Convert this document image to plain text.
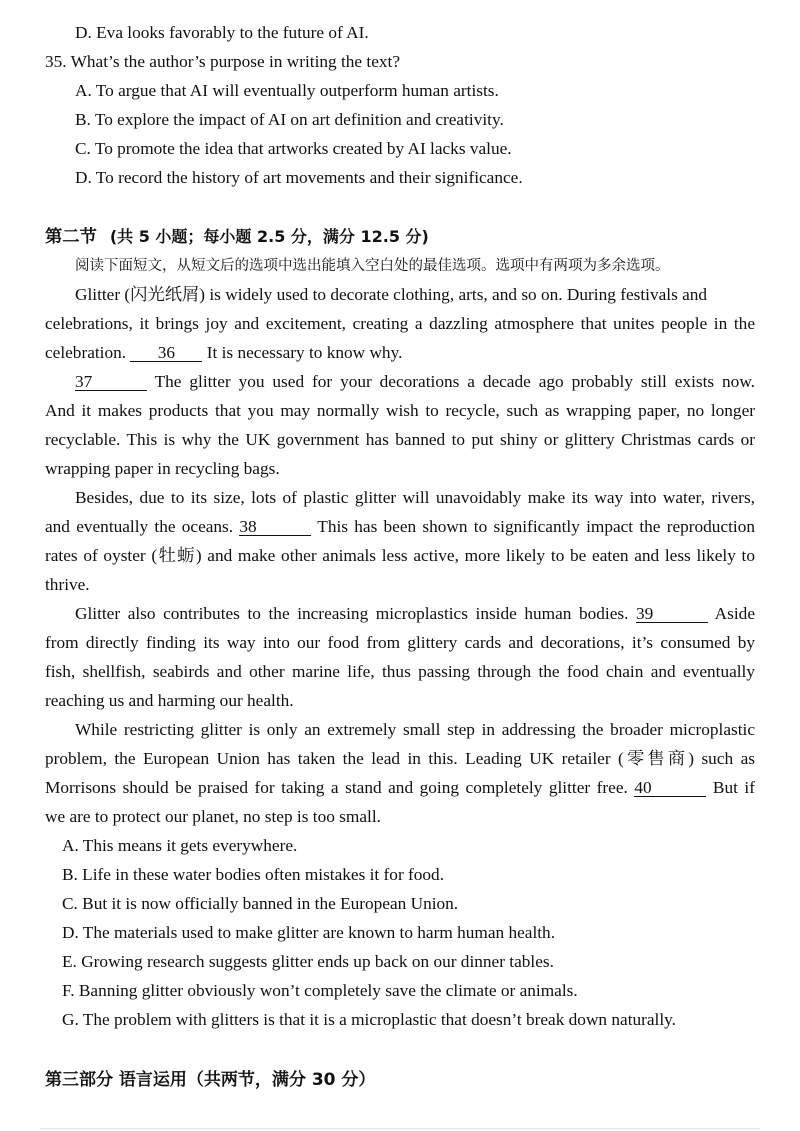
D. Eva looks favorably to the future of AI.
35. What’s the author’s purpose in writing the text?
A. To argue that AI will eventually outperform human artists.
B. To explore the impact of AI on art definition and creativity.
C. To promote the idea that artworks created by AI lacks value.
D. To record the history of art movements and their significance.
第二节 (共 5 小题；每小题 2.5 分，满分 12.5 分)
阅读下面短文，从短文后的选项中选出能填入空白处的最佳选项。选项中有两项为多余选项。
Glitter (闪光纸屑) is widely used to decorate clothing, arts, and so on. During festivals and
celebrations, it brings joy and excitement, creating a dazzling atmosphere that unites people in the
celebration. 36 It is necessary to know why.
37	The glitter you used for your decorations a decade ago probably still exists now.
And it makes products that you may normally wish to recycle, such as wrapping paper, no longer
recyclable. This is why the UK government has banned to put shiny or glittery Christmas cards or
wrapping paper in recycling bags.
Besides, due to its size, lots of plastic glitter will unavoidably make its way into water, rivers,
and eventually the oceans. 38	This has been shown to significantly impact the reproduction
rates of oyster (牡蛎) and make other animals less active, more likely to be eaten and less likely to
thrive.
Glitter also contributes to the increasing microplastics inside human bodies. 39	Aside
from directly finding its way into our food from glittery cards and decorations, it’s consumed by
fish, shellfish, seabirds and other marine life, thus passing through the food chain and eventually
reaching us and harming our health.
While restricting glitter is only an extremely small step in addressing the broader microplastic
problem, the European Union has taken the lead in this. Leading UK retailer (零售商) such as
Morrisons should be praised for taking a stand and going completely glitter free. 40	But if
we are to protect our planet, no step is too small.
A. This means it gets everywhere.
B. Life in these water bodies often mistakes it for food.
C. But it is now officially banned in the European Union.
D. The materials used to make glitter are known to harm human health.
E. Growing research suggests glitter ends up back on our dinner tables.
F. Banning glitter obviously won’t completely save the climate or animals.
G. The problem with glitters is that it is a microplastic that doesn’t break down naturally.
第三部分 语言运用（共两节，满分 30 分）
